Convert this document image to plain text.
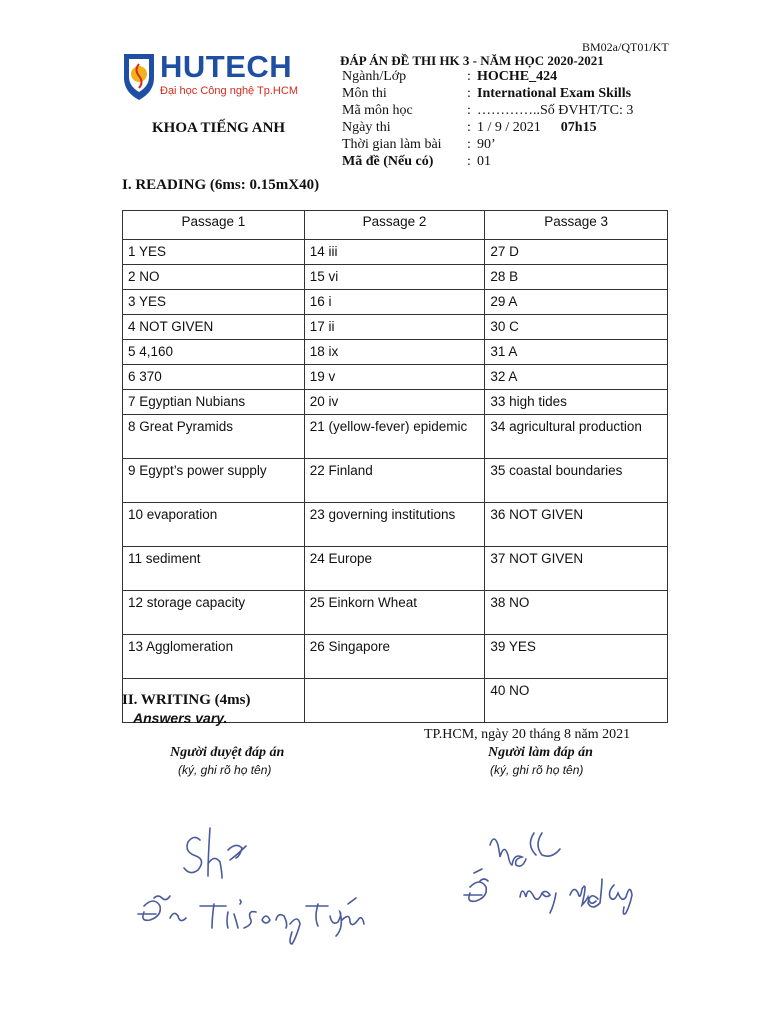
BM02a/QT01/KT
HUTECH
Đại học Công nghệ Tp.HCM
KHOA TIẾNG ANH
ĐÁP ÁN ĐỀ THI HK 3 - NĂM HỌC 2020-2021
Ngành/Lớp	: HOCHE_424
Môn thi	: International Exam Skills
Mã môn học	: …………..Số ĐVHT/TC: 3
Ngày thi	: 1 / 9 / 2021 07h15
Thời gian làm bài	: 90’
Mã đề (Nếu có)	: 01
I. READING (6ms: 0.15mX40)
Passage 1	Passage 2	Passage 3
1 YES	14 iii	27 D
2 NO	15 vi	28 B
3 YES	16 i	29 A
4 NOT GIVEN	17 ii	30 C
5 4,160	18 ix	31 A
6 370	19 v	32 A
7 Egyptian Nubians	20 iv	33 high tides
8 Great Pyramids	21 (yellow-fever) epidemic	34 agricultural production
9 Egypt’s power supply	22 Finland	35 coastal boundaries
10 evaporation	23 governing institutions	36 NOT GIVEN
11 sediment	24 Europe	37 NOT GIVEN
12 storage capacity	25 Einkorn Wheat	38 NO
13 Agglomeration	26 Singapore	39 YES
		40 NO
II. WRITING (4ms)
Answers vary.
TP.HCM, ngày 20 tháng 8 năm 2021
Người duyệt đáp án
(ký, ghi rõ họ tên)
Người làm đáp án
(ký, ghi rõ họ tên)
